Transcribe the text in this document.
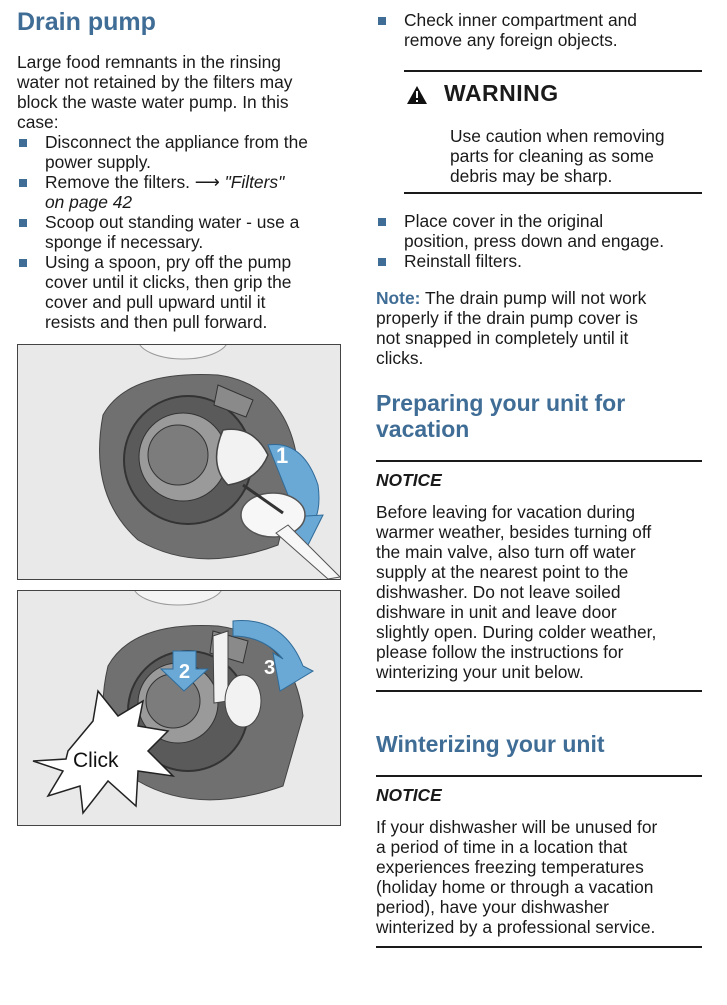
Drain pump

Large food remnants in the rinsing

water not retained by the filters may

block the waste water pump. In this

case:

Disconnect the appliance from the
power supply.
Remove the filters. ⟶ "Filters"
on page 42
Scoop out standing water - use a
sponge if necessary.
Using a spoon, pry off the pump
cover until it clicks, then grip the
cover and pull upward until it
resists and then pull forward.
1
2	3
Click
Check inner compartment and
remove any foreign objects.
WARNING

Use caution when removing

parts for cleaning as some

debris may be sharp.

Place cover in the original
position, press down and engage.
Reinstall filters.

Note: The drain pump will not work

properly if the drain pump cover is

not snapped in completely until it

clicks.

Preparing your unit for
vacation
NOTICE

Before leaving for vacation during

warmer weather, besides turning off

the main valve, also turn off water

supply at the nearest point to the

dishwasher. Do not leave soiled

dishware in unit and leave door

slightly open. During colder weather,

please follow the instructions for

winterizing your unit below.

Winterizing your unit
NOTICE

If your dishwasher will be unused for

a period of time in a location that

experiences freezing temperatures

(holiday home or through a vacation

period), have your dishwasher

winterized by a professional service.
